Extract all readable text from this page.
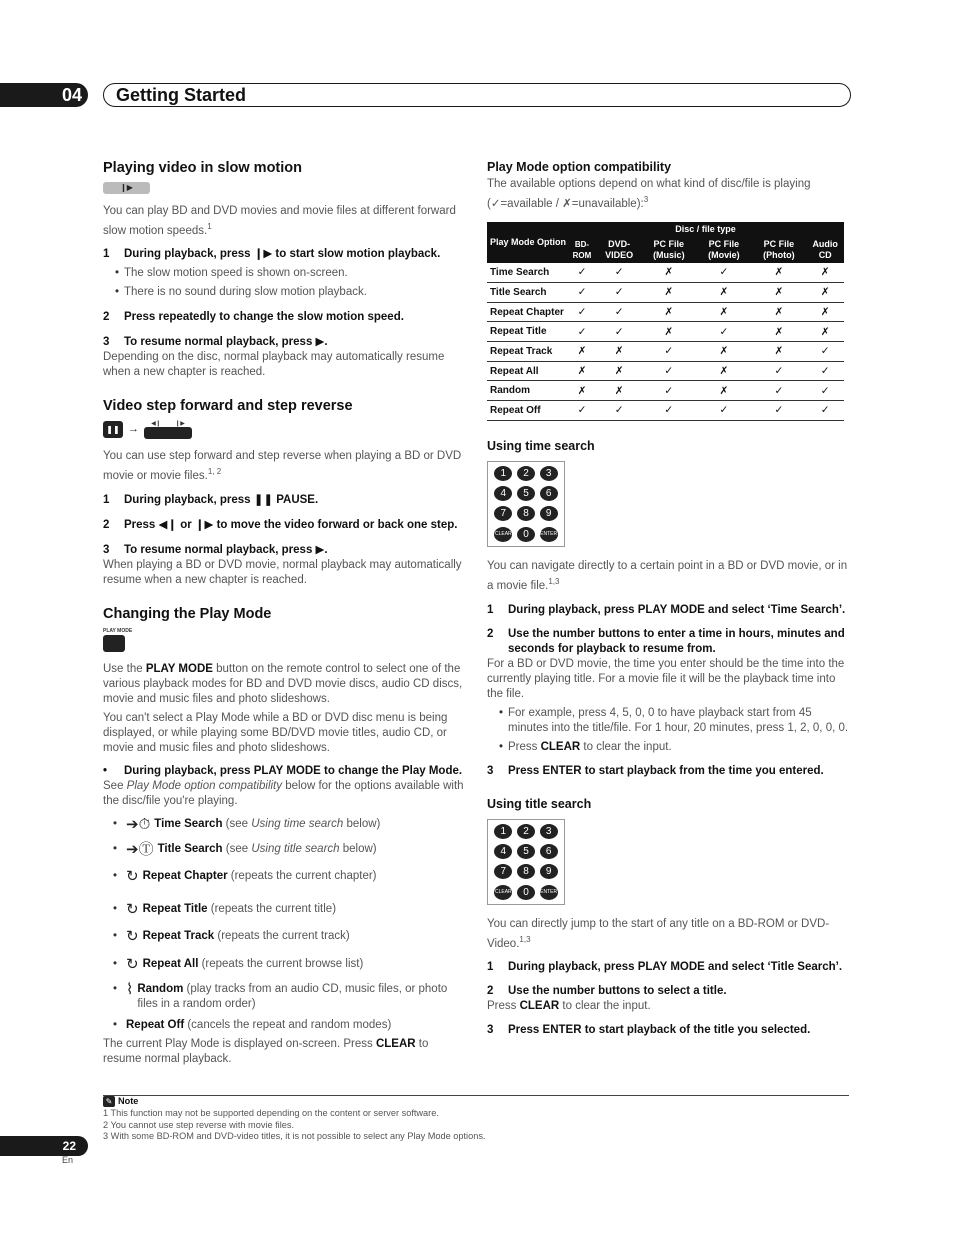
04	Getting Started
Playing video in slow motion
❙▶

You can play BD and DVD movies and movie files at different forward slow motion speeds.$^1$

1 During playback, press ❙▶ to start slow motion playback.
• The slow motion speed is shown on-screen.
• There is no sound during slow motion playback.
2 Press repeatedly to change the slow motion speed.
3 To resume normal playback, press ▶.

Depending on the disc, normal playback may automatically resume when a new chapter is reached.

Video step forward and step reverse
❚❚ → ◀❙ ❙▶

You can use step forward and step reverse when playing a BD or DVD movie or movie files.$^{1, 2}$

1 During playback, press ❚❚ PAUSE.
2 Press ◀❙ or ❙▶ to move the video forward or back one step.
3 To resume normal playback, press ▶.

When playing a BD or DVD movie, normal playback may automatically resume when a new chapter is reached.

Changing the Play Mode
PLAY MODE

Use the PLAY MODE button on the remote control to select one of the various playback modes for BD and DVD movie discs, audio CD discs, movie and music files and photo slideshows.

You can't select a Play Mode while a BD or DVD disc menu is being displayed, or while playing some BD/DVD movie titles, audio CD, or movie and music files and photo slideshows.

•	During playback, press PLAY MODE to change the Play Mode.

See Play Mode option compatibility below for the options available with the disc/file you're playing.

• ➔⏱ Time Search (see Using time search below)
• ➔Ⓣ Title Search (see Using title search below)
• ↻ Repeat Chapter (repeats the current chapter)
• ↻ Repeat Title (repeats the current title)
• ↻ Repeat Track (repeats the current track)
• ↻ Repeat All (repeats the current browse list)
• ⌇ Random (play tracks from an audio CD, music files, or photo files in a random order)
• Repeat Off (cancels the repeat and random modes)

The current Play Mode is displayed on-screen. Press CLEAR to resume normal playback.

Play Mode option compatibility

The available options depend on what kind of disc/file is playing (✓=available / ✗=unavailable):$^3$

Play Mode Option	Disc / file type					
	BD-ROM	DVD-VIDEO	PC File (Music)	PC File (Movie)	PC File (Photo)	Audio CD
Time Search	✓	✓	✗	✓	✗	✗
Title Search	✓	✓	✗	✗	✗	✗
Repeat Chapter	✓	✓	✗	✗	✗	✗
Repeat Title	✓	✓	✗	✓	✗	✗
Repeat Track	✗	✗	✓	✗	✗	✓
Repeat All	✗	✗	✓	✗	✓	✓
Random	✗	✗	✓	✗	✓	✓
Repeat Off	✓	✓	✓	✓	✓	✓
Using time search
1	2	3
4	5	6
7	8	9
CLEAR	0	ENTER

You can navigate directly to a certain point in a BD or DVD movie, or in a movie file.$^{1,3}$

1	During playback, press PLAY MODE and select ‘Time Search’.
2	Use the number buttons to enter a time in hours, minutes and seconds for playback to resume from.

For a BD or DVD movie, the time you enter should be the time into the currently playing title. For a movie file it will be the playback time into the file.

• For example, press 4, 5, 0, 0 to have playback start from 45 minutes into the title/file. For 1 hour, 20 minutes, press 1, 2, 0, 0, 0.
• Press CLEAR to clear the input.
3 Press ENTER to start playback from the time you entered.
Using title search
1	2	3
4	5	6
7	8	9
CLEAR	0	ENTER

You can directly jump to the start of any title on a BD-ROM or DVD-Video.$^{1,3}$

1	During playback, press PLAY MODE and select ‘Title Search’.
2 Use the number buttons to select a title.

Press CLEAR to clear the input.

3 Press ENTER to start playback of the title you selected.
✎ Note
1 This function may not be supported depending on the content or server software.
2 You cannot use step reverse with movie files.
3 With some BD-ROM and DVD-video titles, it is not possible to select any Play Mode options.
22
En
